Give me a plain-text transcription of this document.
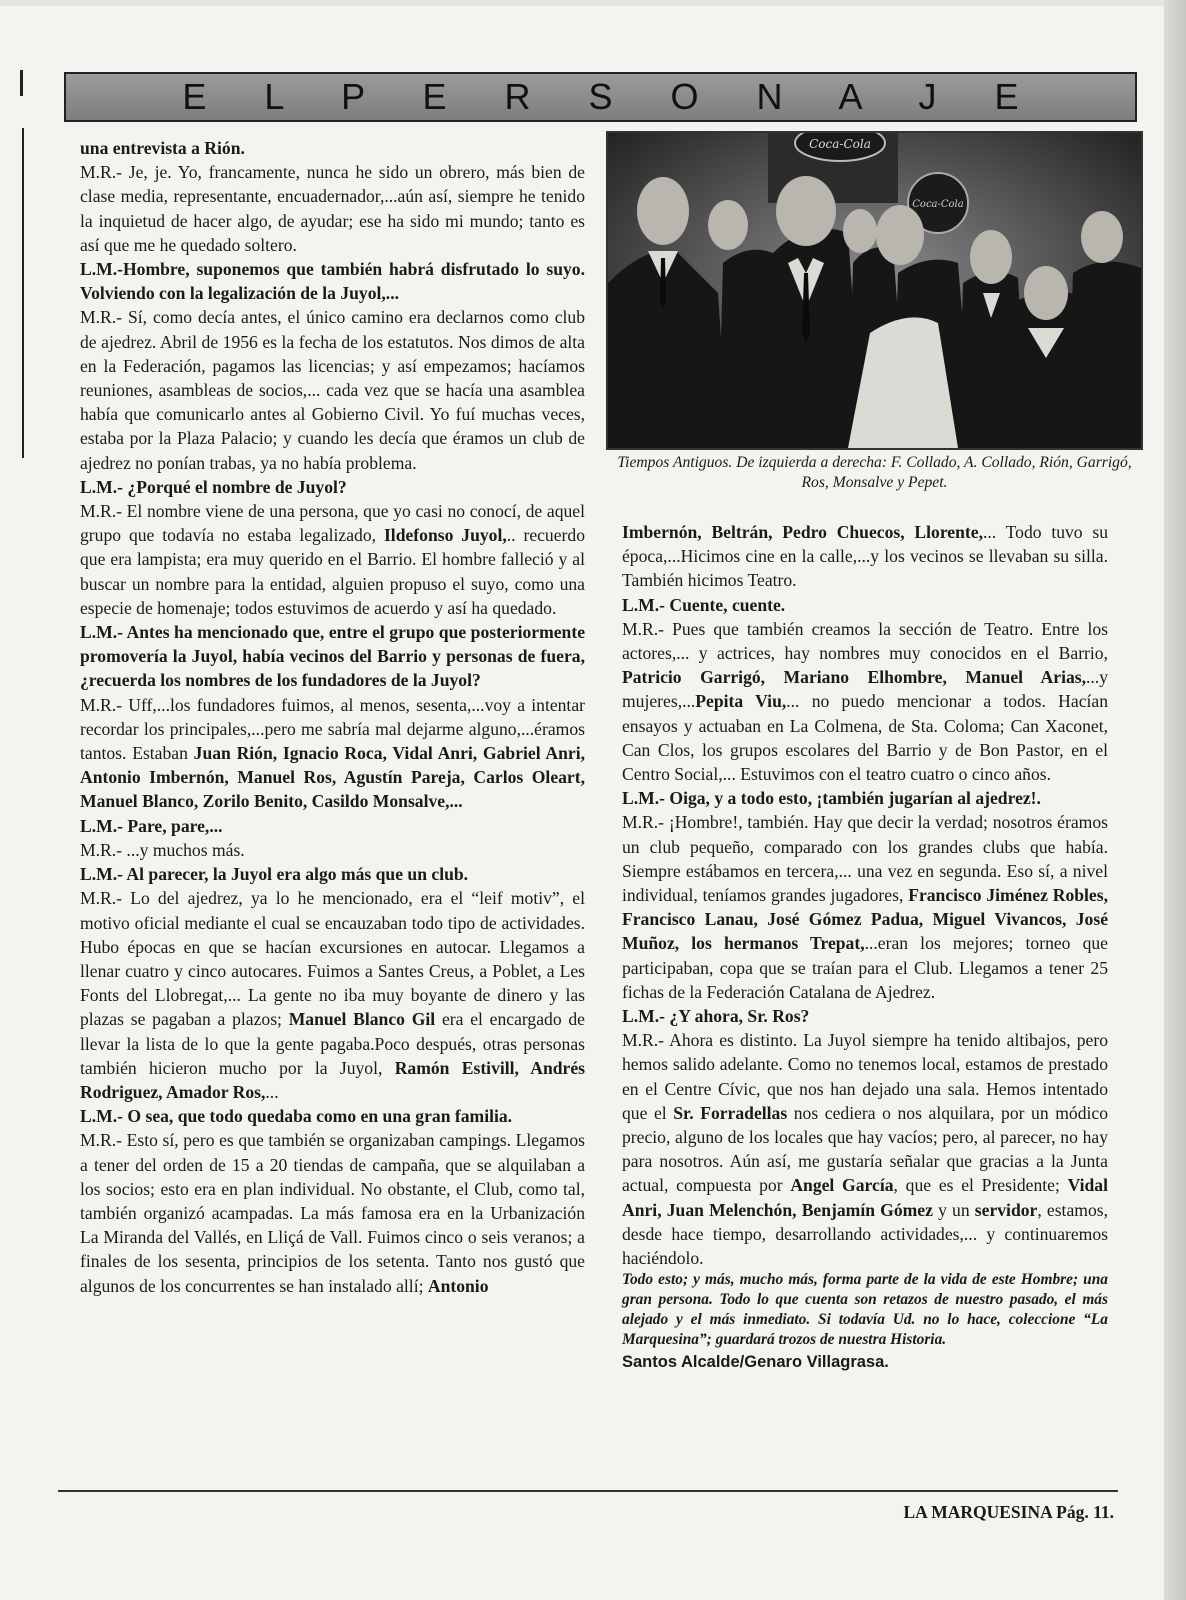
E L P E R S O N A J E

una entrevista a Rión.

M.R.- Je, je. Yo, francamente, nunca he sido un obrero, más bien de clase media, representante, encuadernador,...aún así, siempre he tenido la inquietud de hacer algo, de ayudar; ese ha sido mi mundo; tanto es así que me he quedado soltero.

L.M.-Hombre, suponemos que también habrá disfrutado lo suyo. Volviendo con la legalización de la Juyol,...

M.R.- Sí, como decía antes, el único camino era declarnos como club de ajedrez. Abril de 1956 es la fecha de los estatutos. Nos dimos de alta en la Federación, pagamos las licencias; y así empezamos; hacíamos reuniones, asambleas de socios,... cada vez que se hacía una asamblea había que comunicarlo antes al Gobierno Civil. Yo fuí muchas veces, estaba por la Plaza Palacio; y cuando les decía que éramos un club de ajedrez no ponían trabas, ya no había problema.

L.M.- ¿Porqué el nombre de Juyol?

M.R.- El nombre viene de una persona, que yo casi no conocí, de aquel grupo que todavía no estaba legalizado, Ildefonso Juyol,.. recuerdo que era lampista; era muy querido en el Barrio. El hombre falleció y al buscar un nombre para la entidad, alguien propuso el suyo, como una especie de homenaje; todos estuvimos de acuerdo y así ha quedado.

L.M.- Antes ha mencionado que, entre el grupo que posteriormente promovería la Juyol, había vecinos del Barrio y personas de fuera, ¿recuerda los nombres de los fundadores de la Juyol?

M.R.- Uff,...los fundadores fuimos, al menos, sesenta,...voy a intentar recordar los principales,...pero me sabría mal dejarme alguno,...éramos tantos. Estaban Juan Rión, Ignacio Roca, Vidal Anri, Gabriel Anri, Antonio Imbernón, Manuel Ros, Agustín Pareja, Carlos Oleart, Manuel Blanco, Zorilo Benito, Casildo Monsalve,...

L.M.- Pare, pare,...

M.R.- ...y muchos más.

L.M.- Al parecer, la Juyol era algo más que un club.

M.R.- Lo del ajedrez, ya lo he mencionado, era el “leif motiv”, el motivo oficial mediante el cual se encauzaban todo tipo de actividades. Hubo épocas en que se hacían excursiones en autocar. Llegamos a llenar cuatro y cinco autocares. Fuimos a Santes Creus, a Poblet, a Les Fonts del Llobregat,... La gente no iba muy boyante de dinero y las plazas se pagaban a plazos; Manuel Blanco Gil era el encargado de llevar la lista de lo que la gente pagaba.Poco después, otras personas también hicieron mucho por la Juyol, Ramón Estivill, Andrés Rodriguez, Amador Ros,...

L.M.- O sea, que todo quedaba como en una gran familia.

M.R.- Esto sí, pero es que también se organizaban campings. Llegamos a tener del orden de 15 a 20 tiendas de campaña, que se alquilaban a los socios; esto era en plan individual. No obstante, el Club, como tal, también organizó acampadas. La más famosa era en la Urbanización La Miranda del Vallés, en Lliçá de Vall. Fuimos cinco o seis veranos; a finales de los sesenta, principios de los setenta. Tanto nos gustó que algunos de los concurrentes se han instalado allí; Antonio

Coca-Cola
Coca-Cola
Tiempos Antiguos. De izquierda a derecha: F. Collado, A. Collado, Rión, Garrigó, Ros, Monsalve y Pepet.

Imbernón, Beltrán, Pedro Chuecos, Llorente,... Todo tuvo su época,...Hicimos cine en la calle,...y los vecinos se llevaban su silla. También hicimos Teatro.

L.M.- Cuente, cuente.

M.R.- Pues que también creamos la sección de Teatro. Entre los actores,... y actrices, hay nombres muy conocidos en el Barrio, Patricio Garrigó, Mariano Elhombre, Manuel Arias,...y mujeres,...Pepita Viu,... no puedo mencionar a todos. Hacían ensayos y actuaban en La Colmena, de Sta. Coloma; Can Xaconet, Can Clos, los grupos escolares del Barrio y de Bon Pastor, en el Centro Social,... Estuvimos con el teatro cuatro o cinco años.

L.M.- Oiga, y a todo esto, ¡también jugarían al ajedrez!.

M.R.- ¡Hombre!, también. Hay que decir la verdad; nosotros éramos un club pequeño, comparado con los grandes clubs que había. Siempre estábamos en tercera,... una vez en segunda. Eso sí, a nivel individual, teníamos grandes jugadores, Francisco Jiménez Robles, Francisco Lanau, José Gómez Padua, Miguel Vivancos, José Muñoz, los hermanos Trepat,...eran los mejores; torneo que participaban, copa que se traían para el Club. Llegamos a tener 25 fichas de la Federación Catalana de Ajedrez.

L.M.- ¿Y ahora, Sr. Ros?

M.R.- Ahora es distinto. La Juyol siempre ha tenido altibajos, pero hemos salido adelante. Como no tenemos local, estamos de prestado en el Centre Cívic, que nos han dejado una sala. Hemos intentado que el Sr. Forradellas nos cediera o nos alquilara, por un módico precio, alguno de los locales que hay vacíos; pero, al parecer, no hay para nosotros. Aún así, me gustaría señalar que gracias a la Junta actual, compuesta por Angel García, que es el Presidente; Vidal Anri, Juan Melenchón, Benjamín Gómez y un servidor, estamos, desde hace tiempo, desarrollando actividades,... y continuaremos haciéndolo.

Todo esto; y más, mucho más, forma parte de la vida de este Hombre; una gran persona. Todo lo que cuenta son retazos de nuestro pasado, el más alejado y el más inmediato. Si todavía Ud. no lo hace, coleccione “La Marquesina”; guardará trozos de nuestra Historia.

Santos Alcalde/Genaro Villagrasa.

LA MARQUESINA Pág. 11.
